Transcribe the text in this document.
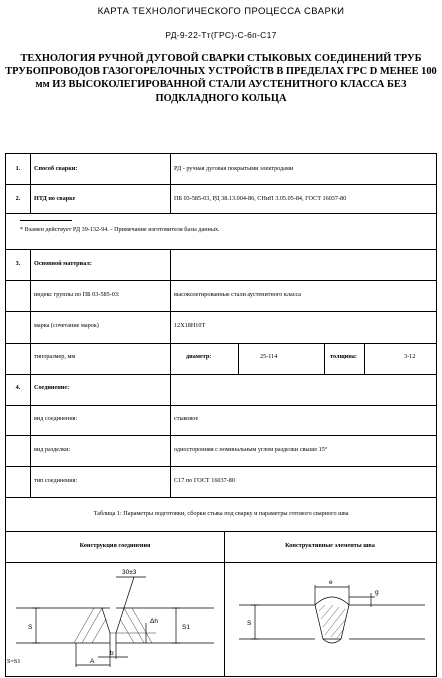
КАРТА ТЕХНОЛОГИЧЕСКОГО ПРОЦЕССА СВАРКИ
РД-9-22-Тт(ГРС)-С-6п-С17
ТЕХНОЛОГИЯ РУЧНОЙ ДУГОВОЙ СВАРКИ СТЫКОВЫХ СОЕДИНЕНИЙ ТРУБ ТРУБОПРОВОДОВ ГАЗОГОРЕЛОЧНЫХ УСТРОЙСТВ В ПРЕДЕЛАХ ГРС D МЕНЕЕ 100 мм ИЗ ВЫСОКОЛЕГИРОВАННОЙ СТАЛИ АУСТЕНИТНОГО КЛАССА БЕЗ ПОДКЛАДНОГО КОЛЬЦА
1.	Способ сварки:	РД - ручная дуговая покрытыми электродами
2.	НТД по сварке	ПБ 03-585-03, РД 38.13.004-86, СНиП 3.05.05-84, ГОСТ 16037-80
* Взамен действует РД 39-132-94. - Примечание изготовителя базы данных.
3.	Основной материал:
индекс группы по ПБ 03-585-03:	высоколегированные стали аустенитного класса
марка (сочетание марок)	12Х18Н10Т
типоразмер, мм	диаметр:	25-114	толщина:	3-12
4.	Соединение:
вид соединения:	стыковое
вид разделки:	односторонняя с номинальным углом разделки свыше 15°
тип соединения:	С17 по ГОСТ 16037-80
Таблица 1: Параметры подготовки, сборки стыка под сварку и параметры готового сварного шва
Конструкция соединения	Конструктивные элементы шва
30±3
Δh
S	S1
b
A
S=S1
e
g
S
